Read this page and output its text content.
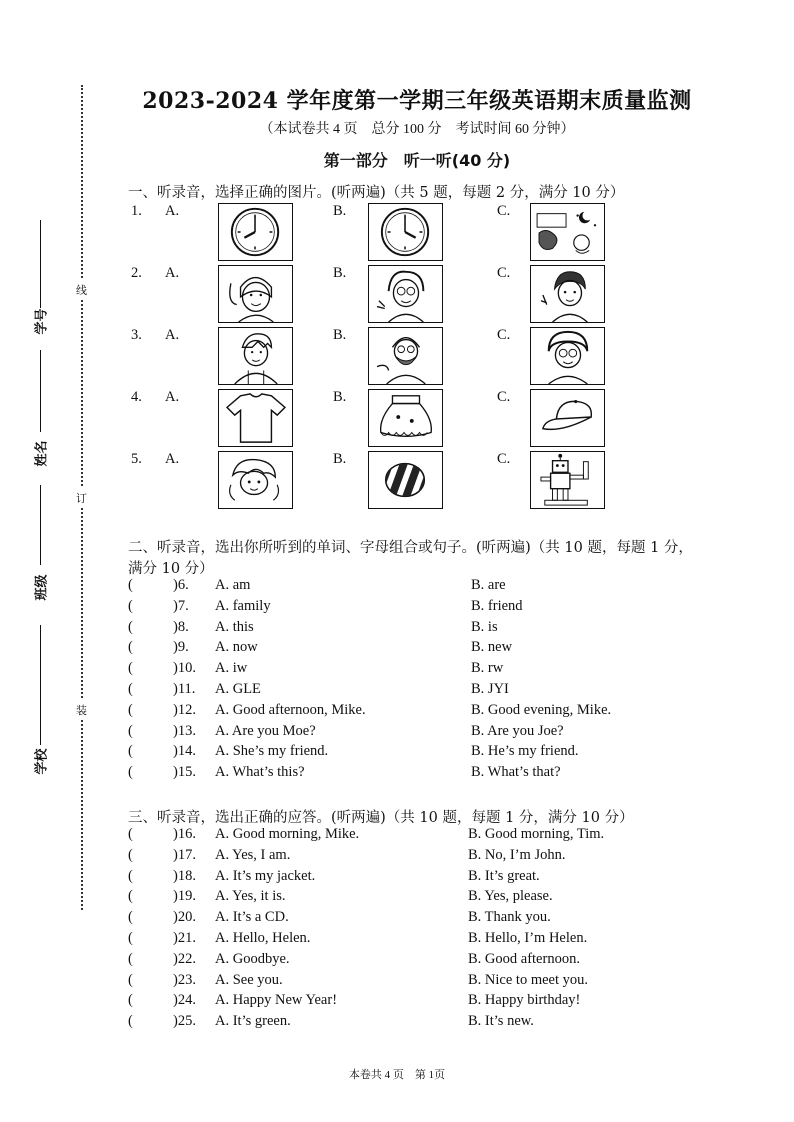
线
订
装
学号
姓名
班级
学校
2023-2024 学年度第一学期三年级英语期末质量监测
（本试卷共 4 页　总分 100 分　考试时间 60 分钟）
第一部分　听一听(40 分)
一、听录音，选择正确的图片。(听两遍)（共 5 题，每题 2 分，满分 10 分）
1. A.	B.	C.
2. A.	B.	C.
3. A.	B.	C.
4. A.	B.	C.
5. A.	B.	C.
二、听录音，选出你所听到的单词、字母组合或句子。(听两遍)（共 10 题，每题 1 分，
满分 10 分）
(	)6. A. am	B. are
(	)7. A. family	B. friend
(	)8. A. this	B. is
(	)9. A. now	B. new
(	)10. A. iw	B. rw
(	)11. A. GLE	B. JYI
(	)12. A. Good afternoon, Mike.	B. Good evening, Mike.
(	)13. A. Are you Moe?	B. Are you Joe?
(	)14. A. She’s my friend.	B. He’s my friend.
(	)15. A. What’s this?	B. What’s that?
三、听录音，选出正确的应答。(听两遍)（共 10 题，每题 1 分，满分 10 分）
(	)16. A. Good morning, Mike.	B. Good morning, Tim.
(	)17. A. Yes, I am.	B. No, I’m John.
(	)18. A. It’s my jacket.	B. It’s great.
(	)19. A. Yes, it is.	B. Yes, please.
(	)20. A. It’s a CD.	B. Thank you.
(	)21. A. Hello, Helen.	B. Hello, I’m Helen.
(	)22. A. Goodbye.	B. Good afternoon.
(	)23. A. See you.	B. Nice to meet you.
(	)24. A. Happy New Year!	B. Happy birthday!
(	)25. A. It’s green.	B. It’s new.
本卷共 4 页　第 1页
